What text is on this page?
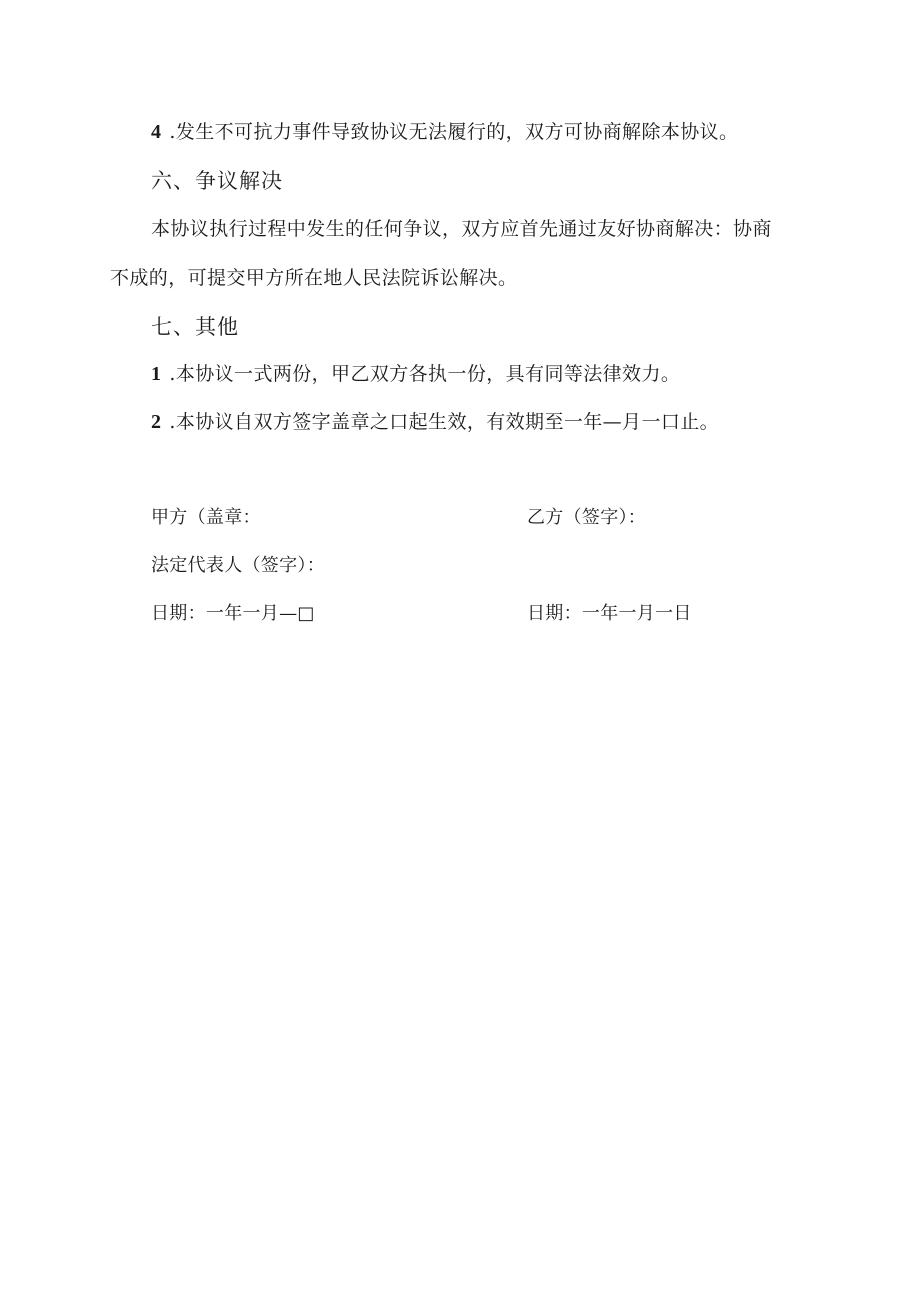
4 .发生不可抗力事件导致协议无法履行的，双方可协商解除本协议。
六、争议解决
本协议执行过程中发生的任何争议，双方应首先通过友好协商解决：协商
不成的，可提交甲方所在地人民法院诉讼解决。
七、其他
1 .本协议一式两份，甲乙双方各执一份，具有同等法律效力。
2 .本协议自双方签字盖章之口起生效，有效期至一年—月一口止。
甲方（盖章：	乙方（签字）：
法定代表人（签字）：
日期：一年一月—□	日期：一年一月一日
